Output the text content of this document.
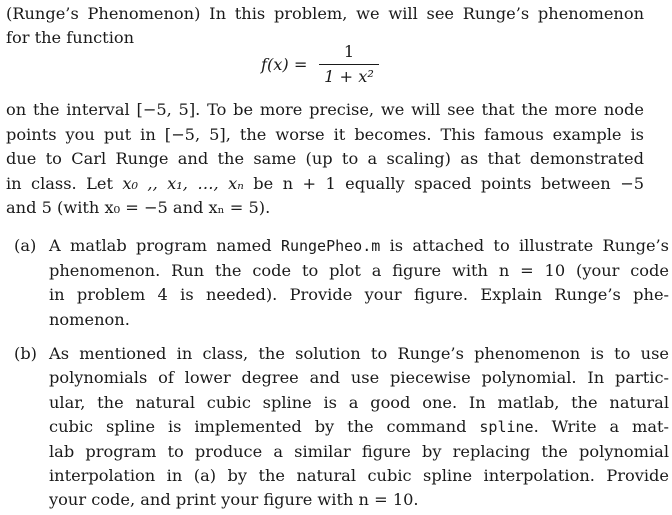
(Runge’s Phenomenon) In this problem, we will see Runge’s phenomenon
for the function
f(x) =
1
1 + x²
on the interval [−5, 5]. To be more precise, we will see that the more node
points you put in [−5, 5], the worse it becomes. This famous example is
due to Carl Runge and the same (up to a scaling) as that demonstrated
in class. Let x₀ ,, x₁, …, xₙ be n + 1 equally spaced points between −5
and 5 (with x₀ = −5 and xₙ = 5).
(a) A matlab program named RungePheo.m is attached to illustrate Runge’s
phenomenon. Run the code to plot a figure with n = 10 (your code
in problem 4 is needed). Provide your figure. Explain Runge’s phe-
nomenon.
(b) As mentioned in class, the solution to Runge’s phenomenon is to use
polynomials of lower degree and use piecewise polynomial. In partic-
ular, the natural cubic spline is a good one. In matlab, the natural
cubic spline is implemented by the command spline. Write a mat-
lab program to produce a similar figure by replacing the polynomial
interpolation in (a) by the natural cubic spline interpolation. Provide
your code, and print your figure with n = 10.
